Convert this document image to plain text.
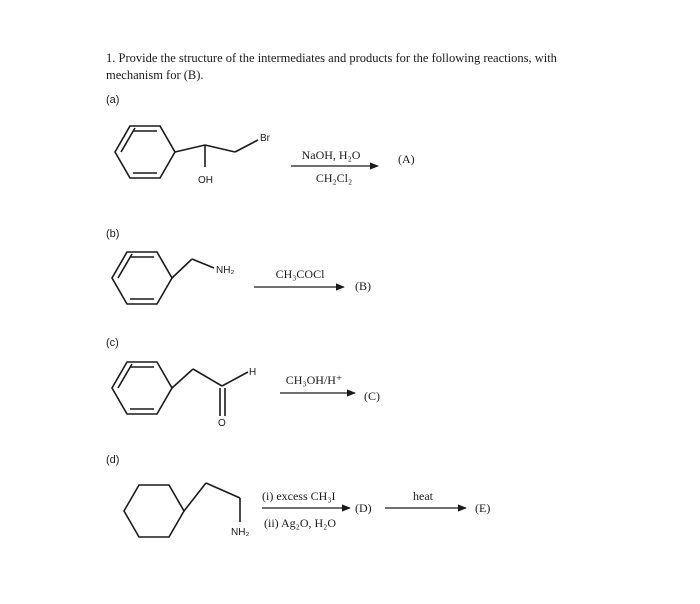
1. Provide the structure of the intermediates and products for the following reactions, with
mechanism for (B).
(a)
(b)
(c)
(d)
Br
OH
NaOH, H₂O
CH₂Cl₂
(A)
NH₂	CH₃COCl
(B)
H
O
CH₃OH/H⁺
(C)
NH₂
(i) excess CH₃I
(ii) Ag₂O, H₂O
(D)
heat
(E)
